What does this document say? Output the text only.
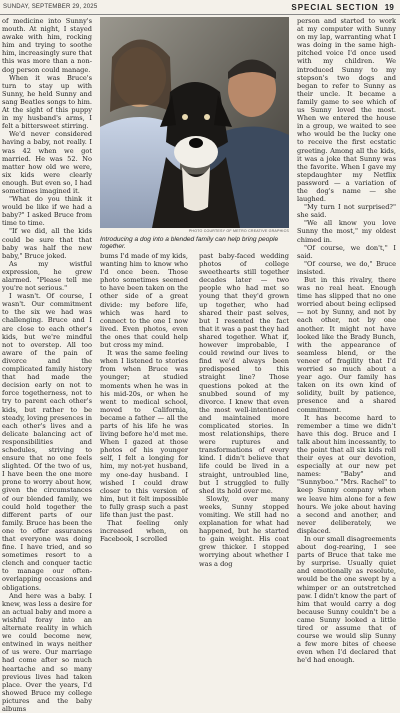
SUNDAY, SEPTEMBER 29, 2025	SPECIAL SECTION 19

of medicine into Sunny's mouth. At night, I stayed awake with him, rocking him and trying to soothe him, increasingly sure that this was more than a non-dog person could manage.

When it was Bruce's turn to stay up with Sunny, he held Sunny and sang Beatles songs to him. At the sight of this puppy in my husband's arms, I felt a bittersweet stirring.

We'd never considered having a baby, not really. I was 42 when we got married. He was 52. No matter how old we were, six kids were clearly enough. But even so, I had sometimes imagined it.

"What do you think it would be like if we had a baby?" I asked Bruce from time to time.

"If we did, all the kids could be sure that that baby was half the new baby," Bruce joked.

As my wistful expression, he grew alarmed. "Please tell me you're not serious."

I wasn't. Of course, I wasn't. Our commitment to the six we had was challenging. Bruce and I are close to each other's kids, but we're mindful not to overstep. All too aware of the pain of divorce and the complicated family history that had made the decision early on not to force togetherness, not to try to parent each other's kids, but rather to be steady, loving presences in each other's lives and a delicate balancing act of responsibilities and schedules, striving to ensure that no one feels slighted. Of the two of us, I have been the one more prone to worry about how, given the circumstances of our blended family, we could hold together the different parts of our family. Bruce has been the one to offer assurances that everyone was doing fine. I have tried, and so sometimes resort to a clench and conquer tactic to manage our often-overlapping occasions and obligations.

And here was a baby. I knew, was less a desire for an actual baby and more a wishful foray into an alternate reality in which we could become new, entwined in ways neither of us were. Our marriage had come after so much heartache and so many previous lives had taken place. Over the years, I'd showed Bruce my college pictures and the baby albums

PHOTO COURTESY OF METRO CREATIVE GRAPHICS
Introducing a dog into a blended family can help bring people together.

bums I'd made of my kids, wanting him to know who I'd once been. Those photo sometimes seemed to have been taken on the other side of a great divide: my before life, which was hard to connect to the one I now lived. Even photos, even the ones that could help but cross my mind.

It was the same feeling when I listened to stories from when Bruce was younger; at studied moments when he was in his mid-20s, or when he went to medical school, moved to California, became a father — all the parts of his life he was living before he'd met me. When I gazed at those photos of his younger self, I felt a longing for him, my not-yet husband, my one-day husband. I wished I could draw closer to this version of him, but it felt impossible to fully grasp such a past life than just the past.

That feeling only increased when, on Facebook, I scrolled

past baby-faced wedding photos of college sweethearts still together decades later — two people who had met so young that they'd grown up together, who had shared their past selves, but I resented the fact that it was a past they had shared together. What if, however improbable, I could rewind our lives to find we'd always been predisposed to this straight line? Those questions poked at the snubbed sound of my divorce. I knew that even the most well-intentioned and maintained more complicated stories. In most relationships, there were ruptures and transformations of every kind. I didn't believe that life could be lived in a straight, untroubled line, but I struggled to fully shed its hold over me.

Slowly, over many weeks, Sunny stopped vomiting. We still had no explanation for what had happened, but he started to gain weight. His coat grew thicker. I stopped worrying about whether I was a dog

person and started to work at my computer with Sunny on my lap, warranting what I was doing in the same high-pitched voice I'd once used with my children. We introduced Sunny to my stepson's two dogs and began to refer to Sunny as their uncle. It became a family game to see which of us Sunny loved the most. When we entered the house in a group, we waited to see who would be the lucky one to receive the first ecstatic greeting. Among all the kids, it was a joke that Sunny was the favorite. When I gave my stepdaughter my Netflix password — a variation of the dog's name — she laughed.

"My turn I not surprised?" she said.

"We all know you love Sunny the most," my oldest chimed in.

"Of course, we don't," I said.

"Of course, we do," Bruce insisted.

But in this rivalry, there was no real heat. Enough time has slipped that no one worried about being eclipsed — not by Sunny, and not by each other, not by one another. It might not have looked like the Brady Bunch, with the appearance of seamless blend, or the veneer of fragility that I'd worried so much about a year ago. Our family has taken on its own kind of solidity, built by patience, presence and a shared commitment.

It has become hard to remember a time we didn't have this dog. Bruce and I talk about him incessantly, to the point that all six kids roll their eyes at our devotion, especially at our new pet names: "Baby" and "Sunnyboo." "Mrs. Rachel" to keep Sunny company when we leave him alone for a few hours. We joke about having a second and another, and never deliberately, we displaced.

In our small disagreements about dog-rearing, I see parts of Bruce that take me by surprise. Usually quiet and emotionally as resolute, would be the one swept by a whimper or an outstretched paw. I didn't know the part of him that would carry a dog because Sunny couldn't be a came Sunny looked a little tired or assume that of course we would slip Sunny a few more bites of cheese even when I'd declared that he'd had enough.
